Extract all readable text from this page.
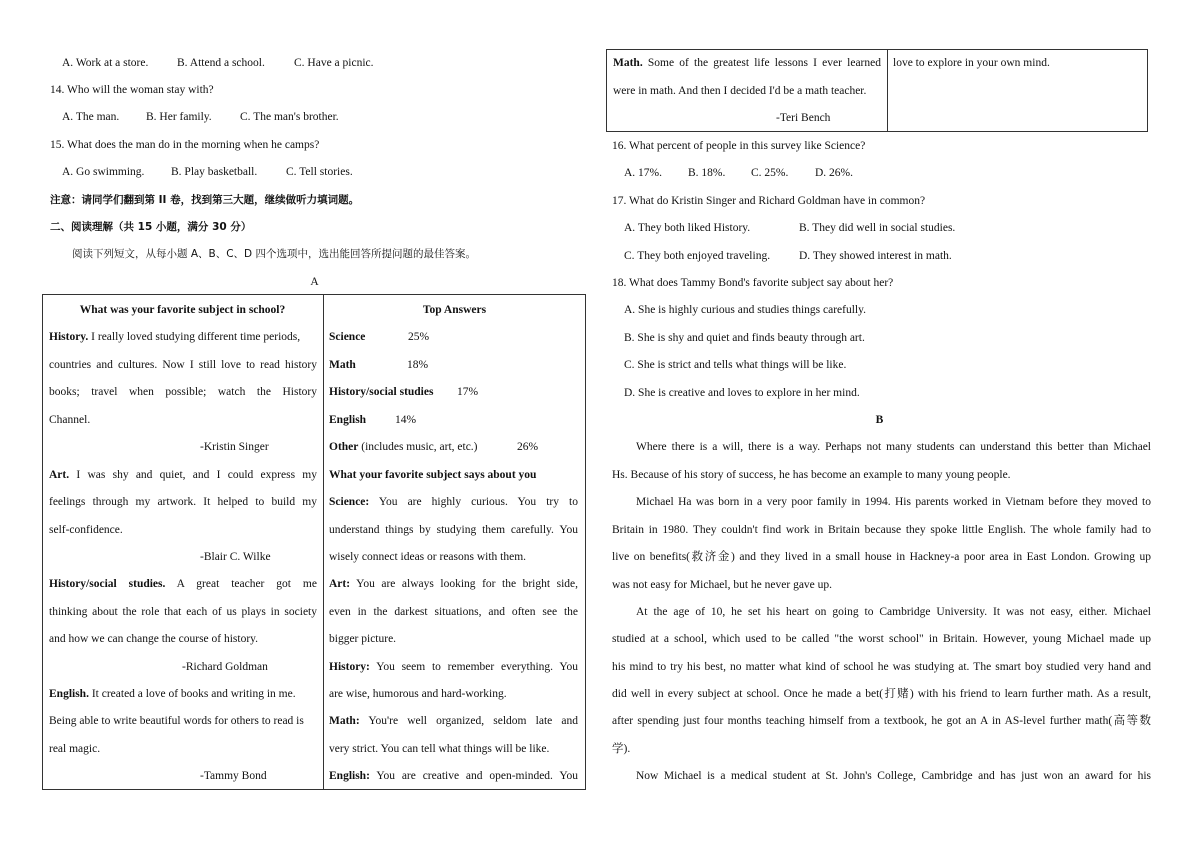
A. Work at a store. B. Attend a school.	C. Have a picnic.
14. Who will the woman stay with?
A. The man. B. Her family. C. The man's brother.
15. What does the man do in the morning when he camps?
A. Go swimming. B. Play basketball.	C. Tell stories.
注意：请同学们翻到第 II 卷，找到第三大题，继续做听力填词题。
二、阅读理解（共 15 小题，满分 30 分）
阅读下列短文，从每小题 A、B、C、D 四个选项中，选出能回答所提问题的最佳答案。
A
What was your favorite subject in school?
History. I really loved studying different time periods,
countries and cultures. Now I still love to read history
books; travel when possible; watch the History
Channel.
-Kristin Singer
Art. I was shy and quiet, and I could express my
feelings through my artwork. It helped to build my
self-confidence.
-Blair C. Wilke
History/social studies. A great teacher got me
thinking about the role that each of us plays in society
and how we can change the course of history.
-Richard Goldman
English. It created a love of books and writing in me.
Being able to write beautiful words for others to read is
real magic.
-Tammy Bond
Top Answers
Science	25%
Math	18%
History/social studies 17%
English	14%
Other (includes music, art, etc.)	26%
What your favorite subject says about you
Science: You are highly curious. You try to
understand things by studying them carefully. You
wisely connect ideas or reasons with them.
Art: You are always looking for the bright side,
even in the darkest situations, and often see the
bigger picture.
History: You seem to remember everything. You
are wise, humorous and hard-working.
Math: You're well organized, seldom late and
very strict. You can tell what things will be like.
English: You are creative and open-minded. You
Math. Some of the greatest life lessons I ever learned
were in math. And then I decided I'd be a math teacher.
-Teri Bench
love to explore in your own mind.
16. What percent of people in this survey like Science?
A. 17%. B. 18%. C. 25%. D. 26%.
17. What do Kristin Singer and Richard Goldman have in common?
A. They both liked History.	B. They did well in social studies.
C. They both enjoyed traveling.	D. They showed interest in math.
18. What does Tammy Bond's favorite subject say about her?
A. She is highly curious and studies things carefully.
B. She is shy and quiet and finds beauty through art.
C. She is strict and tells what things will be like.
D. She is creative and loves to explore in her mind.
B
Where there is a will, there is a way. Perhaps not many students can understand this better than Michael
Hs. Because of his story of success, he has become an example to many young people.
Michael Ha was born in a very poor family in 1994. His parents worked in Vietnam before they moved to
Britain in 1980. They couldn't find work in Britain because they spoke little English. The whole family had to
live on benefits(救济金) and they lived in a small house in Hackney-a poor area in East London. Growing up
was not easy for Michael, but he never gave up.
At the age of 10, he set his heart on going to Cambridge University. It was not easy, either. Michael
studied at a school, which used to be called "the worst school" in Britain. However, young Michael made up
his mind to try his best, no matter what kind of school he was studying at. The smart boy studied very hand and
did well in every subject at school. Once he made a bet(打赌) with his friend to learn further math. As a result,
after spending just four months teaching himself from a textbook, he got an A in AS-level further math(高等数
学).
Now Michael is a medical student at St. John's College, Cambridge and has just won an award for his
